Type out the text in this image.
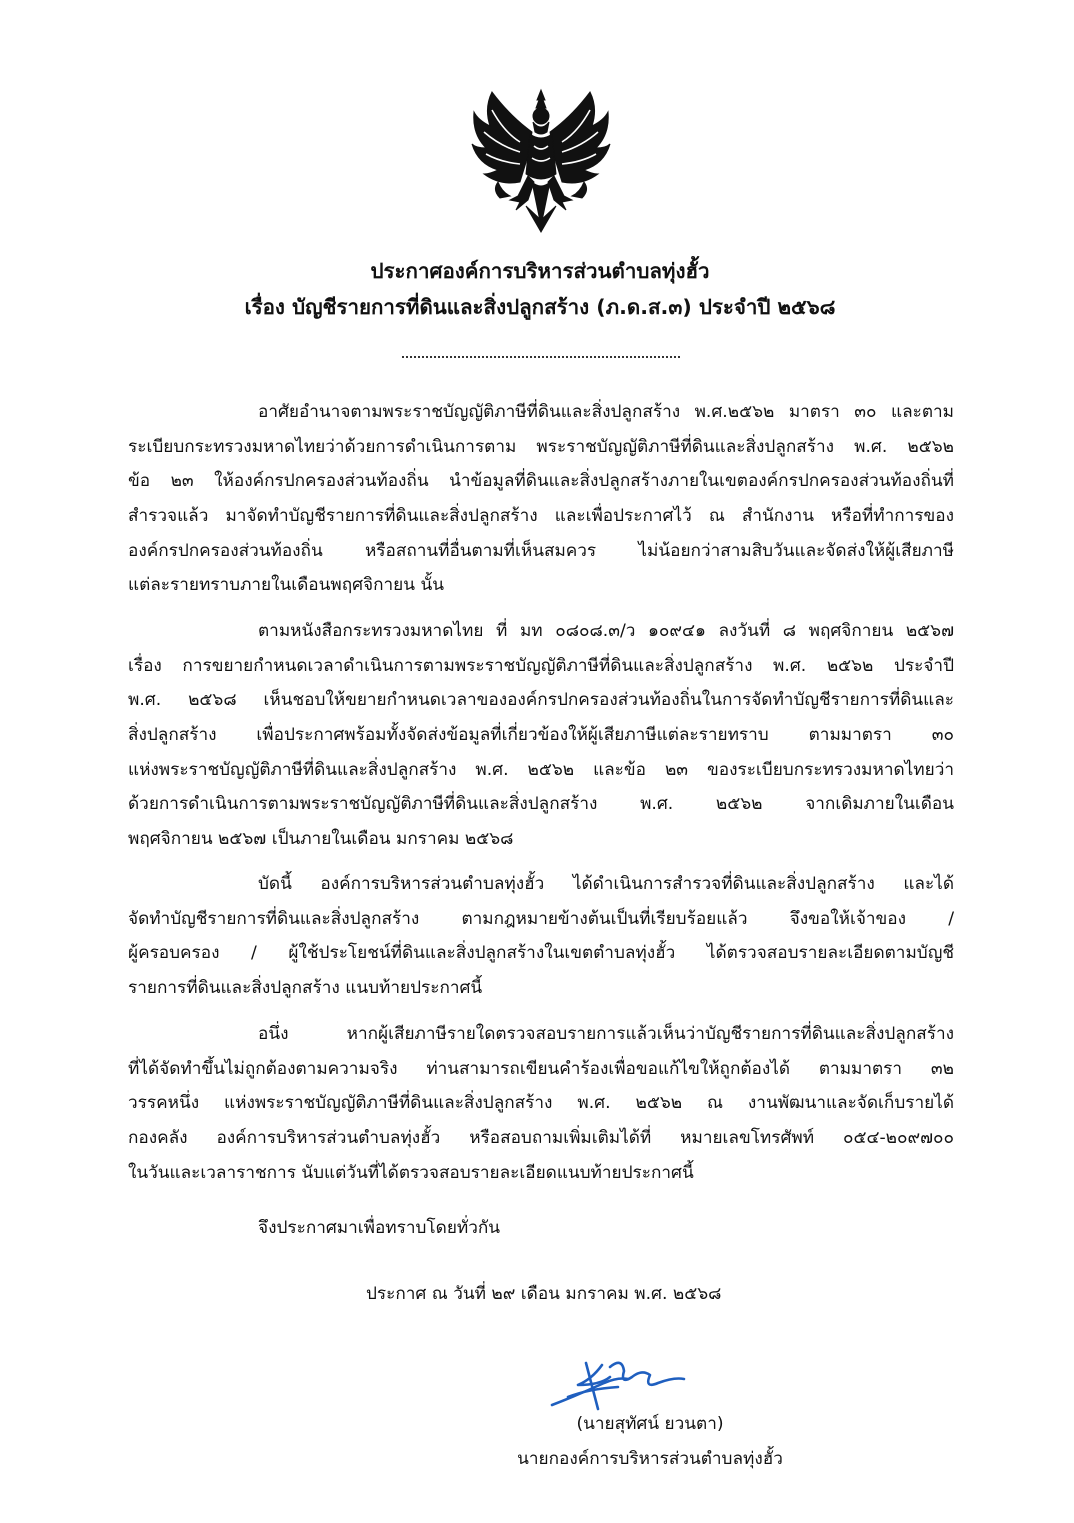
ประกาศองค์การบริหารส่วนตำบลทุ่งฮั้ว
เรื่อง บัญชีรายการที่ดินและสิ่งปลูกสร้าง (ภ.ด.ส.๓) ประจำปี ๒๕๖๘
อาศัยอำนาจตามพระราชบัญญัติภาษีที่ดินและสิ่งปลูกสร้าง พ.ศ.๒๕๖๒ มาตรา ๓๐ และตาม
ระเบียบกระทรวงมหาดไทยว่าด้วยการดำเนินการตาม พระราชบัญญัติภาษีที่ดินและสิ่งปลูกสร้าง พ.ศ. ๒๕๖๒
ข้อ ๒๓ ให้องค์กรปกครองส่วนท้องถิ่น นำข้อมูลที่ดินและสิ่งปลูกสร้างภายในเขตองค์กรปกครองส่วนท้องถิ่นที่
สำรวจแล้ว มาจัดทำบัญชีรายการที่ดินและสิ่งปลูกสร้าง และเพื่อประกาศไว้ ณ สำนักงาน หรือที่ทำการของ
องค์กรปกครองส่วนท้องถิ่น หรือสถานที่อื่นตามที่เห็นสมควร ไม่น้อยกว่าสามสิบวันและจัดส่งให้ผู้เสียภาษี
แต่ละรายทราบภายในเดือนพฤศจิกายน นั้น
ตามหนังสือกระทรวงมหาดไทย ที่ มท ๐๘๐๘.๓/ว ๑๐๙๔๑ ลงวันที่ ๘ พฤศจิกายน ๒๕๖๗
เรื่อง การขยายกำหนดเวลาดำเนินการตามพระราชบัญญัติภาษีที่ดินและสิ่งปลูกสร้าง พ.ศ. ๒๕๖๒ ประจำปี
พ.ศ. ๒๕๖๘ เห็นชอบให้ขยายกำหนดเวลาขององค์กรปกครองส่วนท้องถิ่นในการจัดทำบัญชีรายการที่ดินและ
สิ่งปลูกสร้าง เพื่อประกาศพร้อมทั้งจัดส่งข้อมูลที่เกี่ยวข้องให้ผู้เสียภาษีแต่ละรายทราบ ตามมาตรา ๓๐
แห่งพระราชบัญญัติภาษีที่ดินและสิ่งปลูกสร้าง พ.ศ. ๒๕๖๒ และข้อ ๒๓ ของระเบียบกระทรวงมหาดไทยว่า
ด้วยการดำเนินการตามพระราชบัญญัติภาษีที่ดินและสิ่งปลูกสร้าง พ.ศ. ๒๕๖๒ จากเดิมภายในเดือน
พฤศจิกายน ๒๕๖๗ เป็นภายในเดือน มกราคม ๒๕๖๘
บัดนี้ องค์การบริหารส่วนตำบลทุ่งฮั้ว ได้ดำเนินการสำรวจที่ดินและสิ่งปลูกสร้าง และได้
จัดทำบัญชีรายการที่ดินและสิ่งปลูกสร้าง ตามกฎหมายข้างต้นเป็นที่เรียบร้อยแล้ว จึงขอให้เจ้าของ /
ผู้ครอบครอง / ผู้ใช้ประโยชน์ที่ดินและสิ่งปลูกสร้างในเขตตำบลทุ่งฮั้ว ได้ตรวจสอบรายละเอียดตามบัญชี
รายการที่ดินและสิ่งปลูกสร้าง แนบท้ายประกาศนี้
อนึ่ง หากผู้เสียภาษีรายใดตรวจสอบรายการแล้วเห็นว่าบัญชีรายการที่ดินและสิ่งปลูกสร้าง
ที่ได้จัดทำขึ้นไม่ถูกต้องตามความจริง ท่านสามารถเขียนคำร้องเพื่อขอแก้ไขให้ถูกต้องได้ ตามมาตรา ๓๒
วรรคหนึ่ง แห่งพระราชบัญญัติภาษีที่ดินและสิ่งปลูกสร้าง พ.ศ. ๒๕๖๒ ณ งานพัฒนาและจัดเก็บรายได้
กองคลัง องค์การบริหารส่วนตำบลทุ่งฮั้ว หรือสอบถามเพิ่มเติมได้ที่ หมายเลขโทรศัพท์ ๐๕๔-๒๐๙๗๐๐
ในวันและเวลาราชการ นับแต่วันที่ได้ตรวจสอบรายละเอียดแนบท้ายประกาศนี้
จึงประกาศมาเพื่อทราบโดยทั่วกัน
ประกาศ ณ วันที่ ๒๙ เดือน มกราคม พ.ศ. ๒๕๖๘
(นายสุทัศน์ ยวนตา)
นายกองค์การบริหารส่วนตำบลทุ่งฮั้ว
